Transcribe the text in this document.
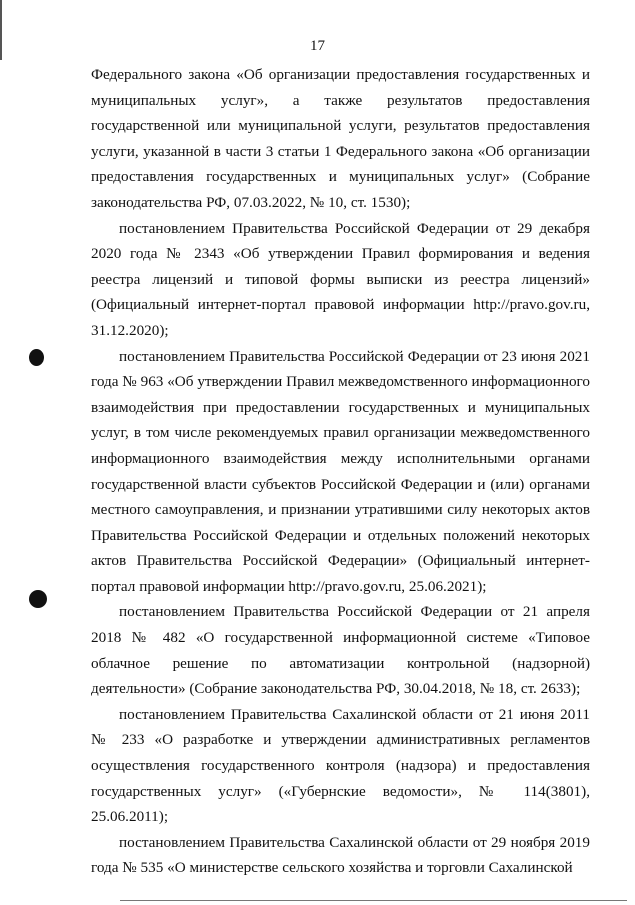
17

Федерального закона «Об организации предоставления государственных и муниципальных услуг», а также результатов предоставления государственной или муниципальной услуги, результатов предоставления услуги, указанной в части 3 статьи 1 Федерального закона «Об организации предоставления государственных и муниципальных услуг» (Собрание законодательства РФ, 07.03.2022, № 10, ст. 1530);

постановлением Правительства Российской Федерации от 29 декабря 2020 года № 2343 «Об утверждении Правил формирования и ведения реестра лицензий и типовой формы выписки из реестра лицензий» (Официальный интернет-портал правовой информации http://pravo.gov.ru, 31.12.2020);

постановлением Правительства Российской Федерации от 23 июня 2021 года № 963 «Об утверждении Правил межведомственного информационного взаимодействия при предоставлении государственных и муниципальных услуг, в том числе рекомендуемых правил организации межведомственного информационного взаимодействия между исполнительными органами государственной власти субъектов Российской Федерации и (или) органами местного самоуправления, и признании утратившими силу некоторых актов Правительства Российской Федерации и отдельных положений некоторых актов Правительства Российской Федерации» (Официальный интернет-портал правовой информации http://pravo.gov.ru, 25.06.2021);

постановлением Правительства Российской Федерации от 21 апреля 2018 № 482 «О государственной информационной системе «Типовое облачное решение по автоматизации контрольной (надзорной) деятельности» (Собрание законодательства РФ, 30.04.2018, № 18, ст. 2633);

постановлением Правительства Сахалинской области от 21 июня 2011 № 233 «О разработке и утверждении административных регламентов осуществления государственного контроля (надзора) и предоставления государственных услуг» («Губернские ведомости», № 114(3801), 25.06.2011);

постановлением Правительства Сахалинской области от 29 ноября 2019 года № 535 «О министерстве сельского хозяйства и торговли Сахалинской
